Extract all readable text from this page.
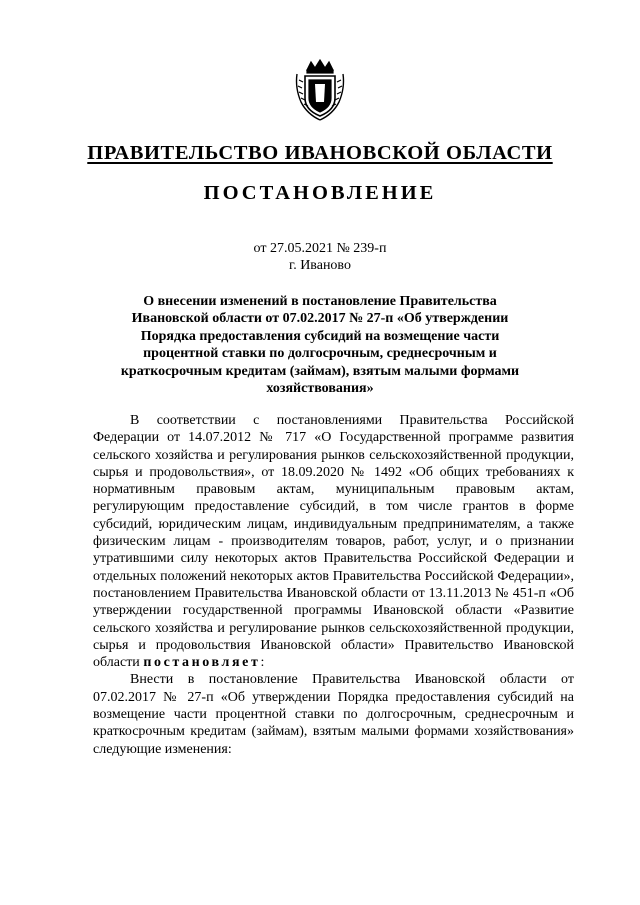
ПРАВИТЕЛЬСТВО ИВАНОВСКОЙ ОБЛАСТИ
ПОСТАНОВЛЕНИЕ
от 27.05.2021 № 239-п
г. Иваново

О внесении изменений в постановление Правительства Ивановской области от 07.02.2017 № 27-п «Об утверждении Порядка предоставления субсидий на возмещение части процентной ставки по долгосрочным, среднесрочным и краткосрочным кредитам (займам), взятым малыми формами хозяйствования»

В соответствии с постановлениями Правительства Российской Федерации от 14.07.2012 № 717 «О Государственной программе развития сельского хозяйства и регулирования рынков сельскохозяйственной продукции, сырья и продовольствия», от 18.09.2020 № 1492 «Об общих требованиях к нормативным правовым актам, муниципальным правовым актам, регулирующим предоставление субсидий, в том числе грантов в форме субсидий, юридическим лицам, индивидуальным предпринимателям, а также физическим лицам - производителям товаров, работ, услуг, и о признании утратившими силу некоторых актов Правительства Российской Федерации и отдельных положений некоторых актов Правительства Российской Федерации», постановлением Правительства Ивановской области от 13.11.2013 № 451-п «Об утверждении государственной программы Ивановской области «Развитие сельского хозяйства и регулирование рынков сельскохозяйственной продукции, сырья и продовольствия Ивановской области» Правительство Ивановской области постановляет:

Внести в постановление Правительства Ивановской области от 07.02.2017 № 27-п «Об утверждении Порядка предоставления субсидий на возмещение части процентной ставки по долгосрочным, среднесрочным и краткосрочным кредитам (займам), взятым малыми формами хозяйствования» следующие изменения:
